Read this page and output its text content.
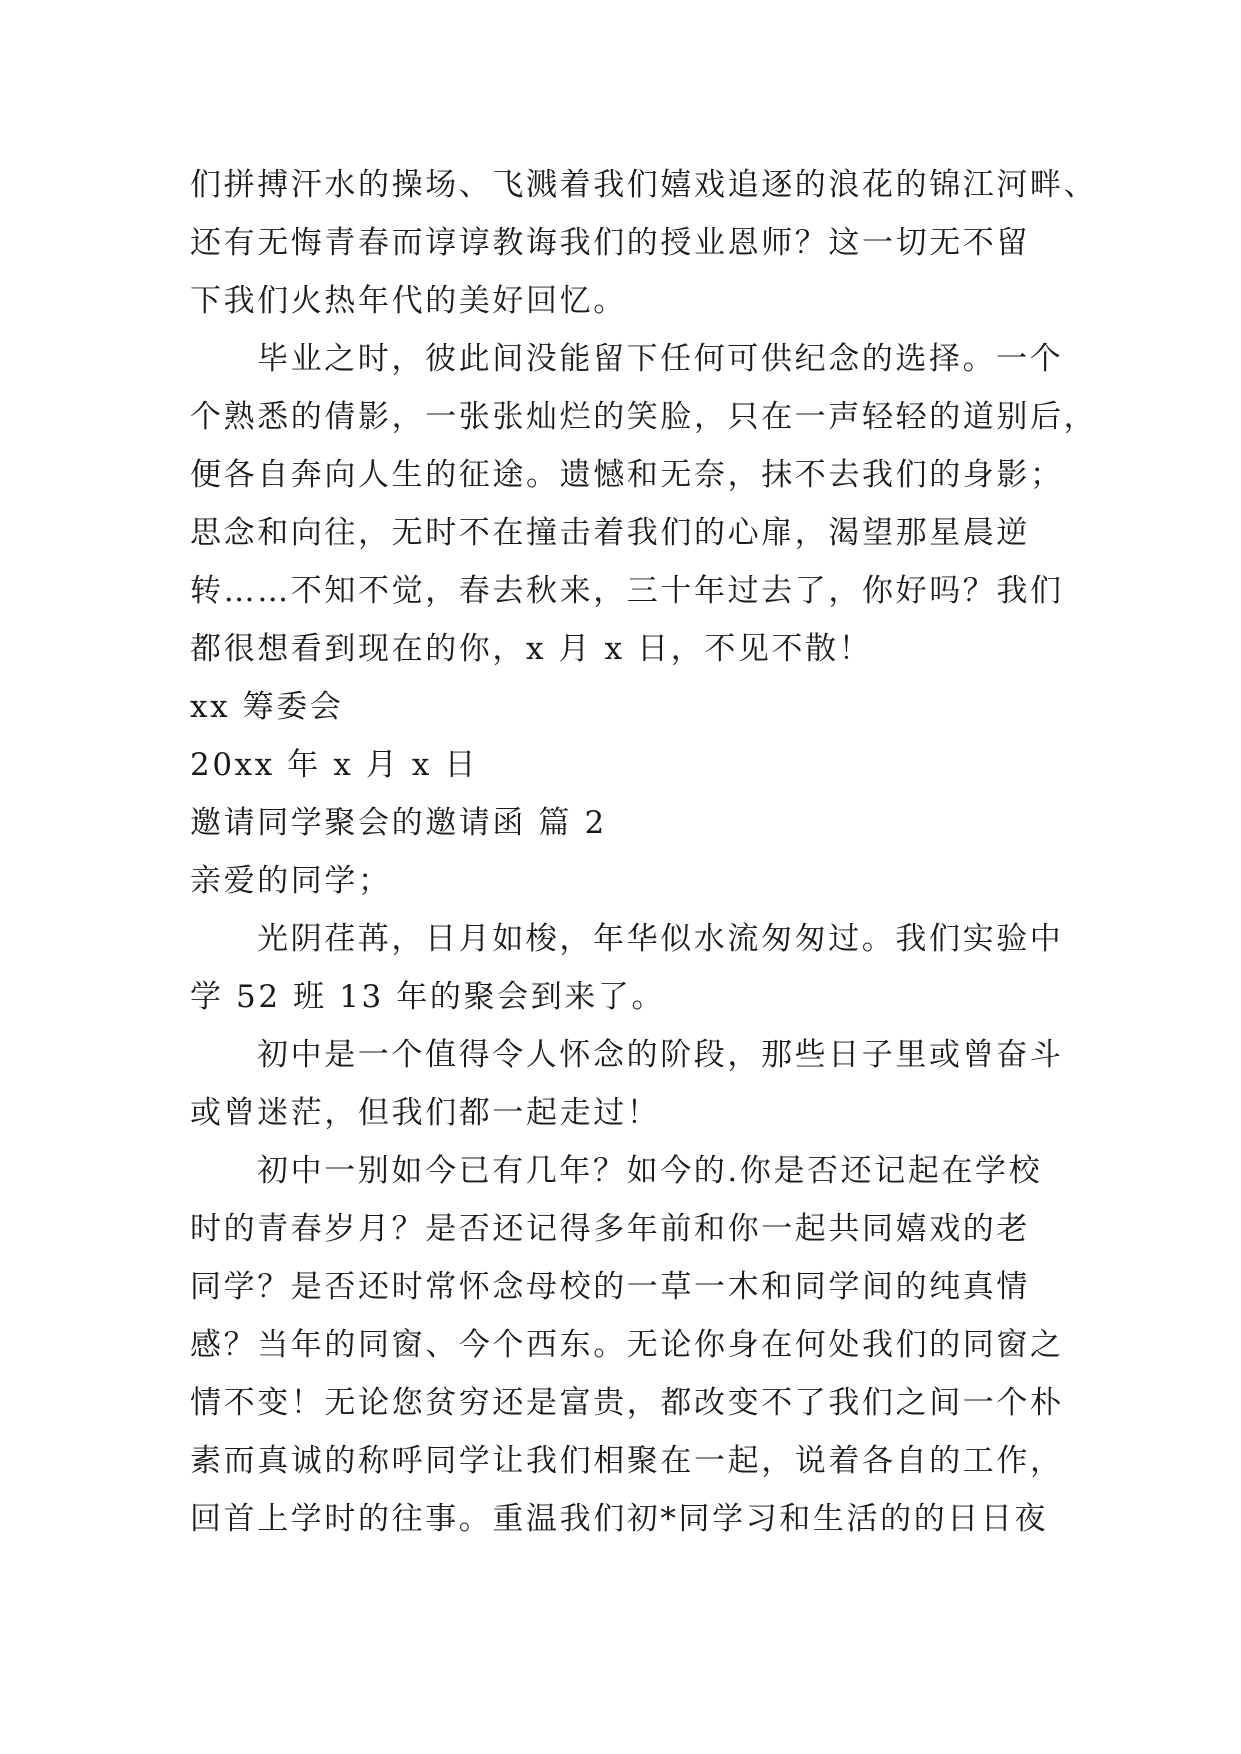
们拼搏汗水的操场、飞溅着我们嬉戏追逐的浪花的锦江河畔、
还有无悔青春而谆谆教诲我们的授业恩师？这一切无不留
下我们火热年代的美好回忆。
毕业之时，彼此间没能留下任何可供纪念的选择。一个
个熟悉的倩影，一张张灿烂的笑脸，只在一声轻轻的道别后，
便各自奔向人生的征途。遗憾和无奈，抹不去我们的身影；
思念和向往，无时不在撞击着我们的心扉，渴望那星晨逆
转……不知不觉，春去秋来，三十年过去了，你好吗？我们
都很想看到现在的你，x 月 x 日，不见不散！
xx 筹委会
20xx 年 x 月 x 日
邀请同学聚会的邀请函 篇 2
亲爱的同学；
光阴荏苒，日月如梭，年华似水流匆匆过。我们实验中
学 52 班 13 年的聚会到来了。
初中是一个值得令人怀念的阶段，那些日子里或曾奋斗
或曾迷茫，但我们都一起走过！
初中一别如今已有几年？如今的.你是否还记起在学校
时的青春岁月？是否还记得多年前和你一起共同嬉戏的老
同学？是否还时常怀念母校的一草一木和同学间的纯真情
感？当年的同窗、今个西东。无论你身在何处我们的同窗之
情不变！无论您贫穷还是富贵，都改变不了我们之间一个朴
素而真诚的称呼同学让我们相聚在一起，说着各自的工作，
回首上学时的往事。重温我们初*同学习和生活的的日日夜
